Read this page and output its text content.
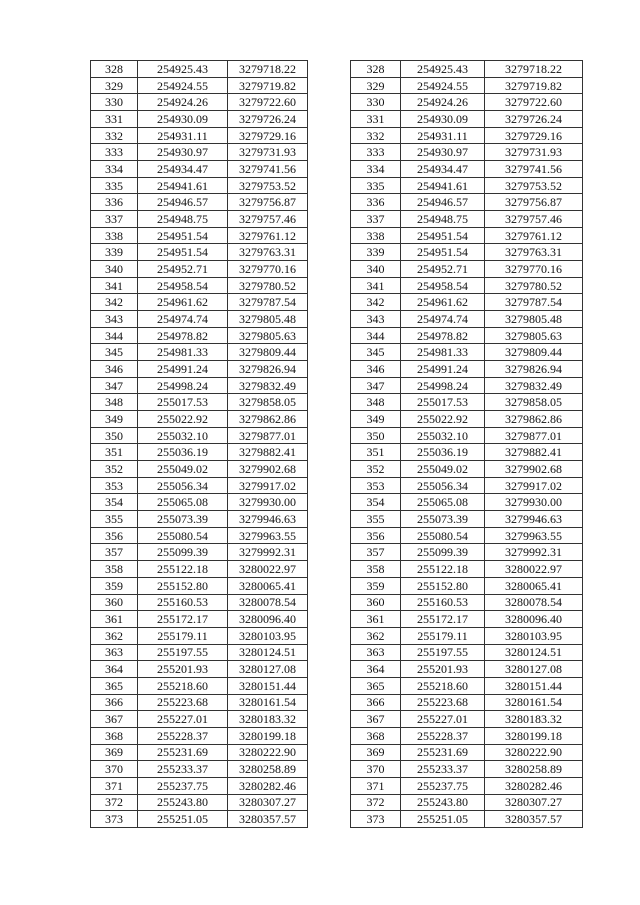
328	254925.43	3279718.22
329	254924.55	3279719.82
330	254924.26	3279722.60
331	254930.09	3279726.24
332	254931.11	3279729.16
333	254930.97	3279731.93
334	254934.47	3279741.56
335	254941.61	3279753.52
336	254946.57	3279756.87
337	254948.75	3279757.46
338	254951.54	3279761.12
339	254951.54	3279763.31
340	254952.71	3279770.16
341	254958.54	3279780.52
342	254961.62	3279787.54
343	254974.74	3279805.48
344	254978.82	3279805.63
345	254981.33	3279809.44
346	254991.24	3279826.94
347	254998.24	3279832.49
348	255017.53	3279858.05
349	255022.92	3279862.86
350	255032.10	3279877.01
351	255036.19	3279882.41
352	255049.02	3279902.68
353	255056.34	3279917.02
354	255065.08	3279930.00
355	255073.39	3279946.63
356	255080.54	3279963.55
357	255099.39	3279992.31
358	255122.18	3280022.97
359	255152.80	3280065.41
360	255160.53	3280078.54
361	255172.17	3280096.40
362	255179.11	3280103.95
363	255197.55	3280124.51
364	255201.93	3280127.08
365	255218.60	3280151.44
366	255223.68	3280161.54
367	255227.01	3280183.32
368	255228.37	3280199.18
369	255231.69	3280222.90
370	255233.37	3280258.89
371	255237.75	3280282.46
372	255243.80	3280307.27
373	255251.05	3280357.57
328	254925.43	3279718.22
329	254924.55	3279719.82
330	254924.26	3279722.60
331	254930.09	3279726.24
332	254931.11	3279729.16
333	254930.97	3279731.93
334	254934.47	3279741.56
335	254941.61	3279753.52
336	254946.57	3279756.87
337	254948.75	3279757.46
338	254951.54	3279761.12
339	254951.54	3279763.31
340	254952.71	3279770.16
341	254958.54	3279780.52
342	254961.62	3279787.54
343	254974.74	3279805.48
344	254978.82	3279805.63
345	254981.33	3279809.44
346	254991.24	3279826.94
347	254998.24	3279832.49
348	255017.53	3279858.05
349	255022.92	3279862.86
350	255032.10	3279877.01
351	255036.19	3279882.41
352	255049.02	3279902.68
353	255056.34	3279917.02
354	255065.08	3279930.00
355	255073.39	3279946.63
356	255080.54	3279963.55
357	255099.39	3279992.31
358	255122.18	3280022.97
359	255152.80	3280065.41
360	255160.53	3280078.54
361	255172.17	3280096.40
362	255179.11	3280103.95
363	255197.55	3280124.51
364	255201.93	3280127.08
365	255218.60	3280151.44
366	255223.68	3280161.54
367	255227.01	3280183.32
368	255228.37	3280199.18
369	255231.69	3280222.90
370	255233.37	3280258.89
371	255237.75	3280282.46
372	255243.80	3280307.27
373	255251.05	3280357.57
